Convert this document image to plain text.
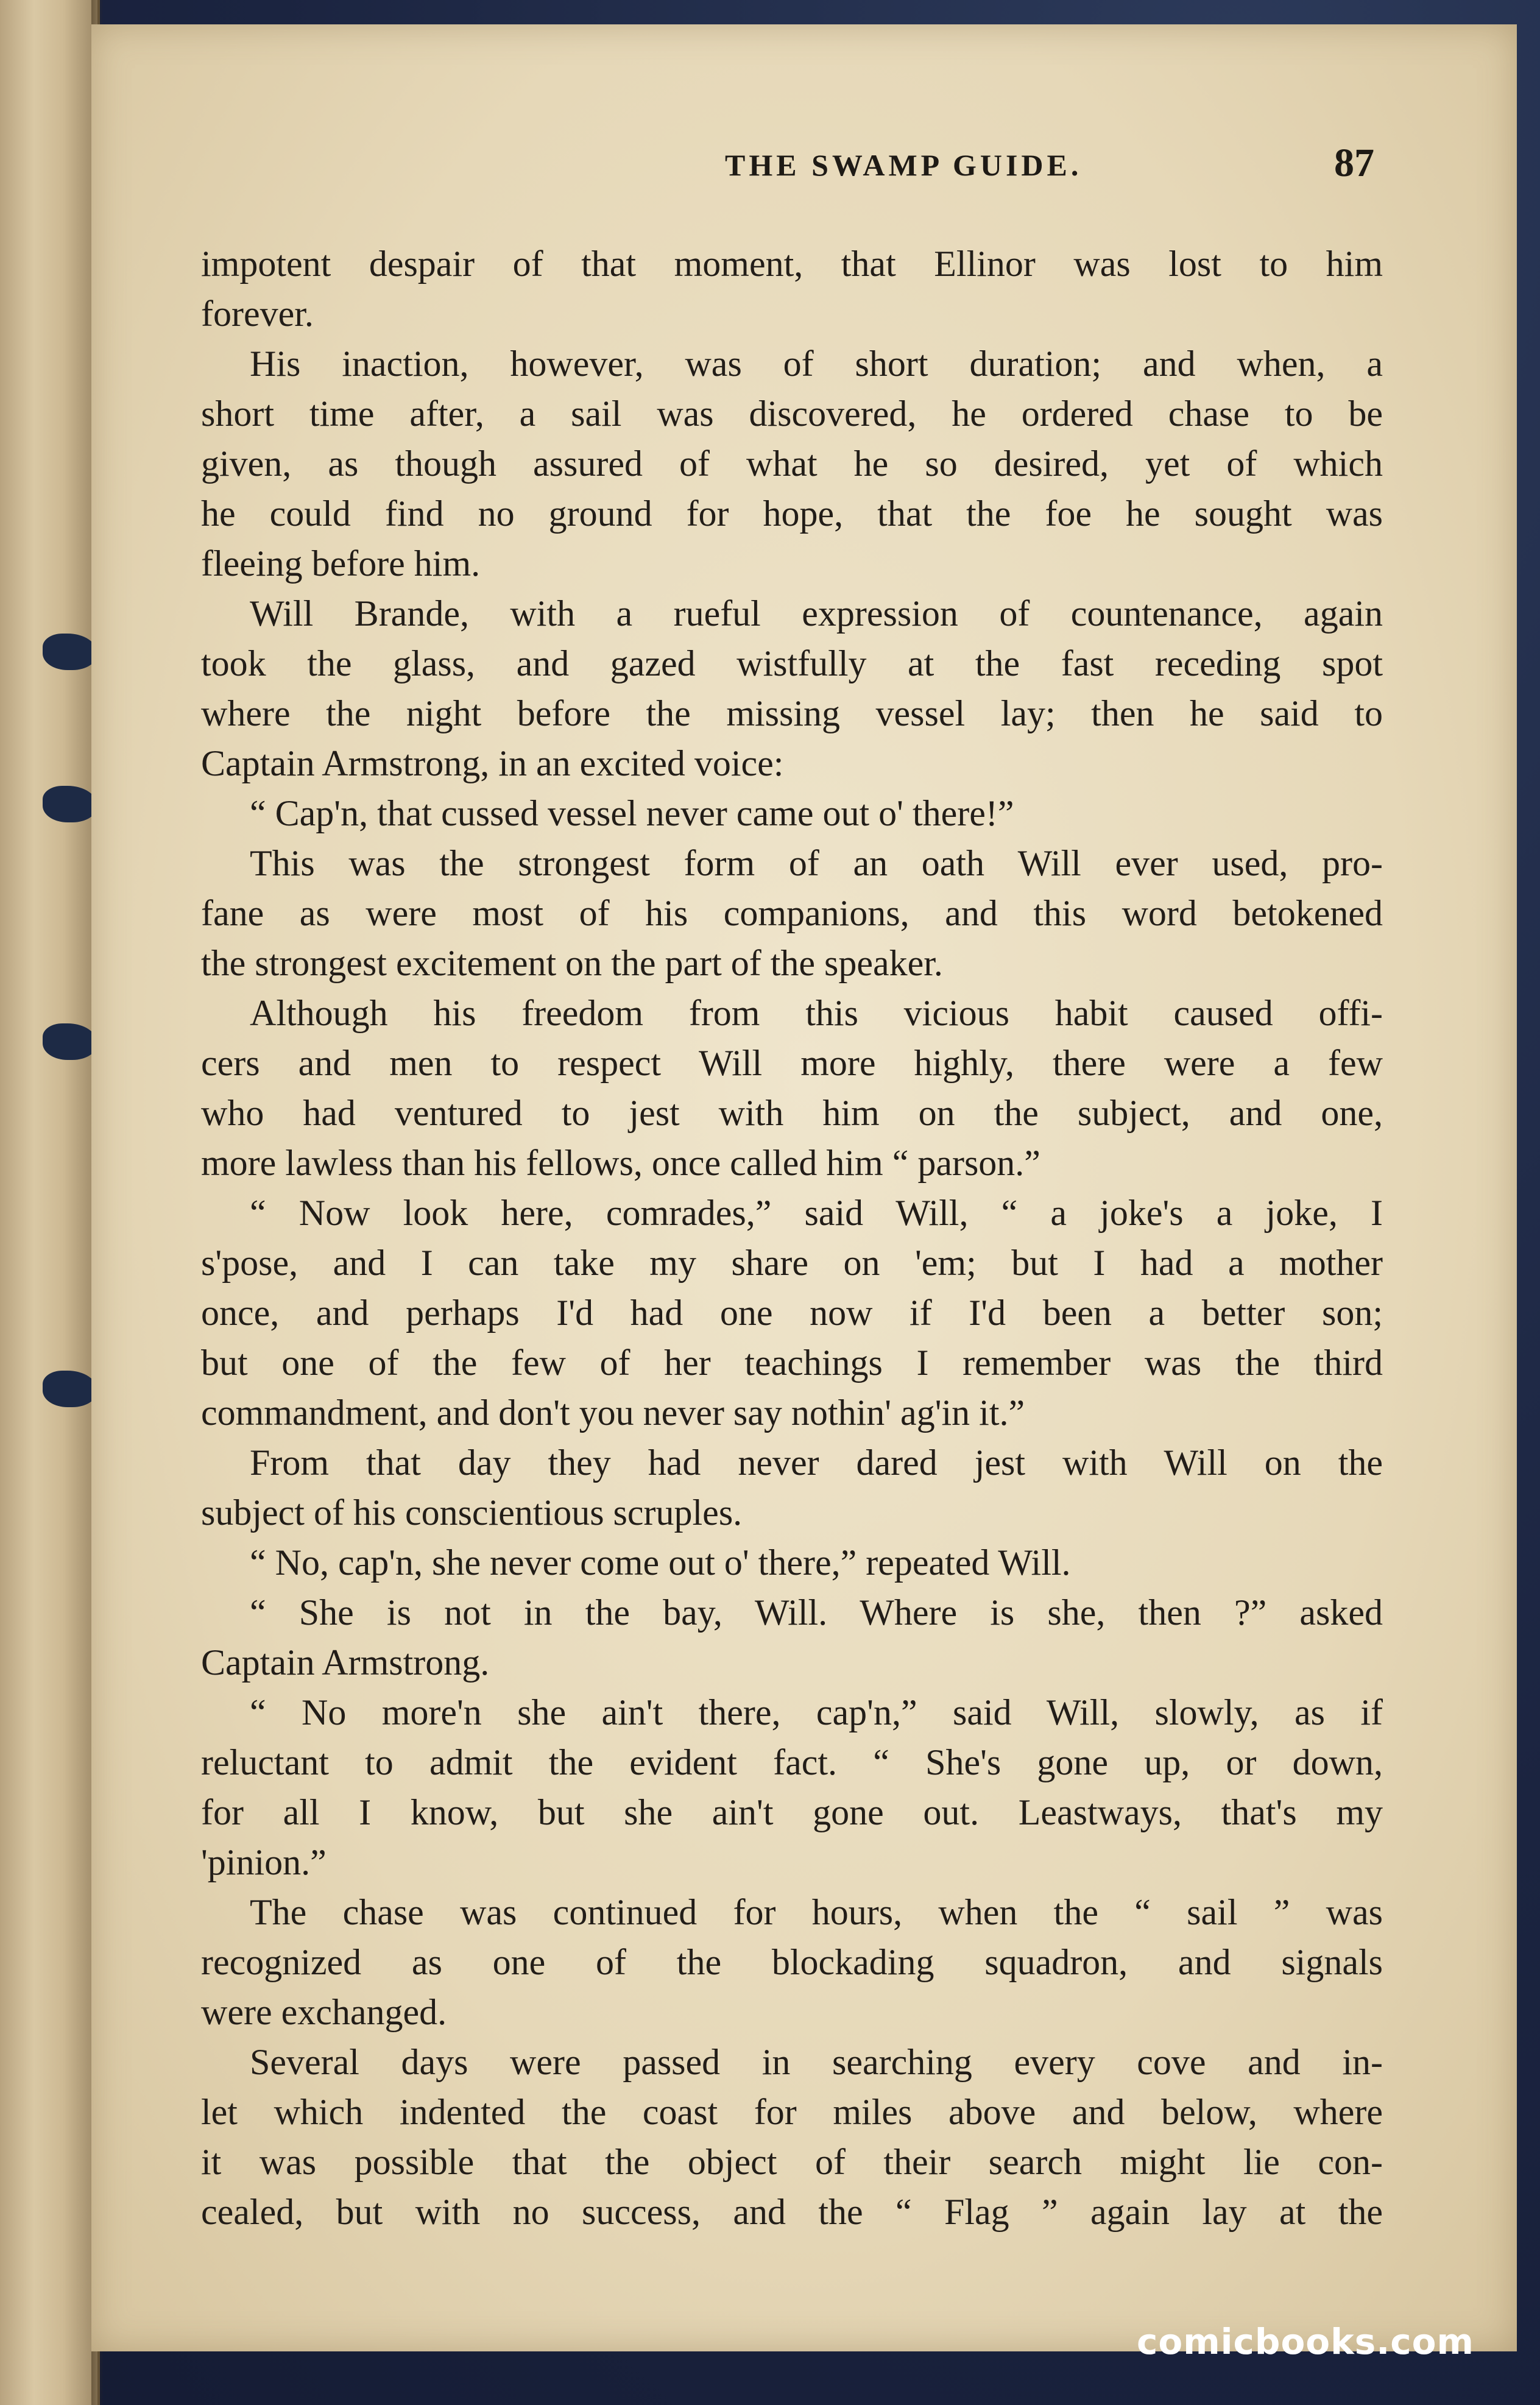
THE SWAMP GUIDE.	87
impotent despair of that moment, that Ellinor was lost to him
forever.
His inaction, however, was of short duration; and when, a
short time after, a sail was discovered, he ordered chase to be
given, as though assured of what he so desired, yet of which
he could find no ground for hope, that the foe he sought was
fleeing before him.
Will Brande, with a rueful expression of countenance, again
took the glass, and gazed wistfully at the fast receding spot
where the night before the missing vessel lay; then he said to
Captain Armstrong, in an excited voice:
“ Cap'n, that cussed vessel never came out o' there!”
This was the strongest form of an oath Will ever used, pro-
fane as were most of his companions, and this word betokened
the strongest excitement on the part of the speaker.
Although his freedom from this vicious habit caused offi-
cers and men to respect Will more highly, there were a few
who had ventured to jest with him on the subject, and one,
more lawless than his fellows, once called him “ parson.”
“ Now look here, comrades,” said Will, “ a joke's a joke, I
s'pose, and I can take my share on 'em; but I had a mother
once, and perhaps I'd had one now if I'd been a better son;
but one of the few of her teachings I remember was the third
commandment, and don't you never say nothin' ag'in it.”
From that day they had never dared jest with Will on the
subject of his conscientious scruples.
“ No, cap'n, she never come out o' there,” repeated Will.
“ She is not in the bay, Will. Where is she, then ?” asked
Captain Armstrong.
“ No more'n she ain't there, cap'n,” said Will, slowly, as if
reluctant to admit the evident fact. “ She's gone up, or down,
for all I know, but she ain't gone out. Leastways, that's my
'pinion.”
The chase was continued for hours, when the “ sail ” was
recognized as one of the blockading squadron, and signals
were exchanged.
Several days were passed in searching every cove and in-
let which indented the coast for miles above and below, where
it was possible that the object of their search might lie con-
cealed, but with no success, and the “ Flag ” again lay at the
comicbooks.com
